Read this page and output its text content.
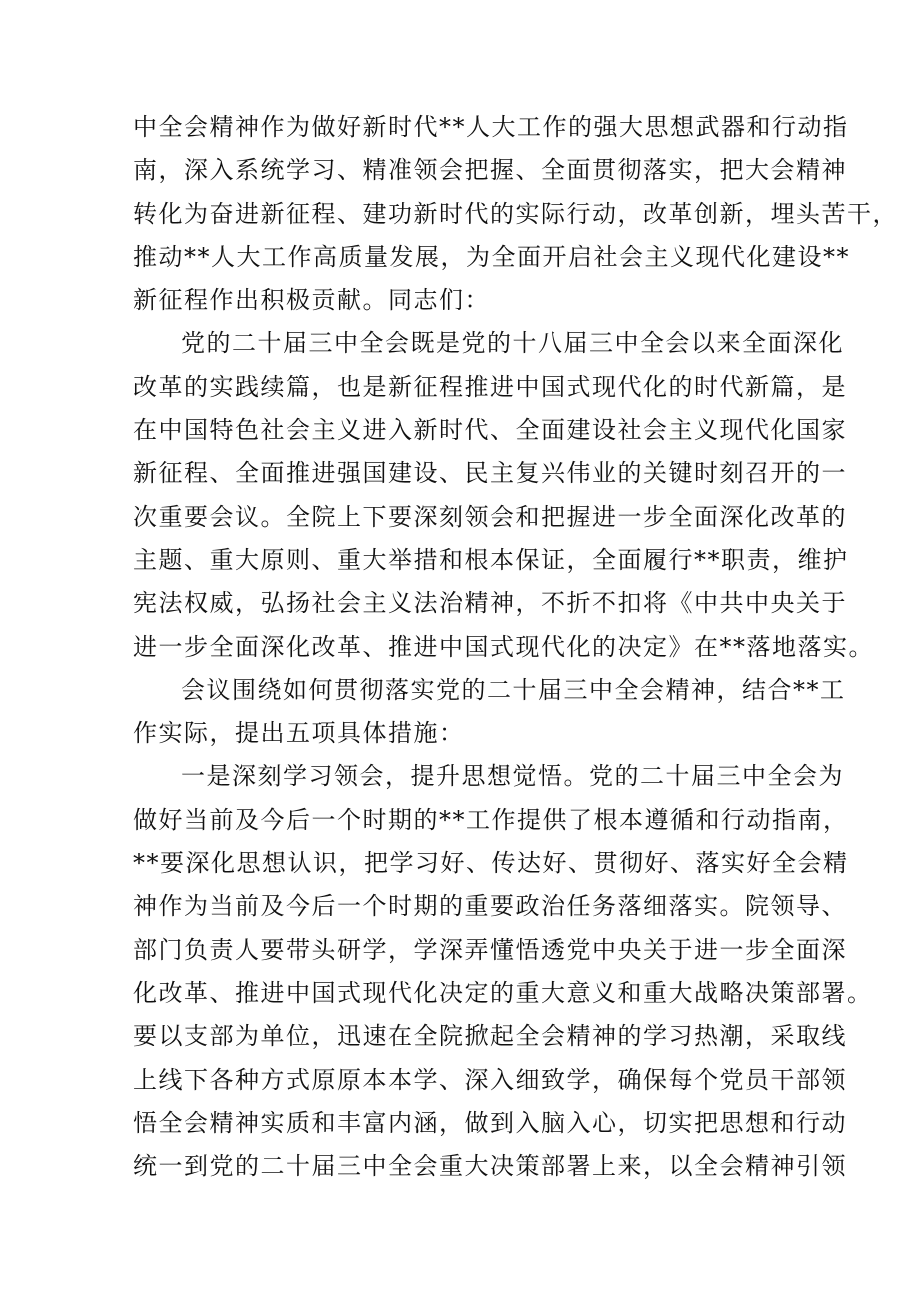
中全会精神作为做好新时代**人大工作的强大思想武器和行动指
南，深入系统学习、精准领会把握、全面贯彻落实，把大会精神
转化为奋进新征程、建功新时代的实际行动，改革创新，埋头苦干，
推动**人大工作高质量发展，为全面开启社会主义现代化建设**
新征程作出积极贡献。同志们：
党的二十届三中全会既是党的十八届三中全会以来全面深化
改革的实践续篇，也是新征程推进中国式现代化的时代新篇，是
在中国特色社会主义进入新时代、全面建设社会主义现代化国家
新征程、全面推进强国建设、民主复兴伟业的关键时刻召开的一
次重要会议。全院上下要深刻领会和把握进一步全面深化改革的
主题、重大原则、重大举措和根本保证，全面履行**职责，维护
宪法权威，弘扬社会主义法治精神，不折不扣将《中共中央关于
进一步全面深化改革、推进中国式现代化的决定》在**落地落实。
会议围绕如何贯彻落实党的二十届三中全会精神，结合**工
作实际，提出五项具体措施：
一是深刻学习领会，提升思想觉悟。党的二十届三中全会为
做好当前及今后一个时期的**工作提供了根本遵循和行动指南，
**要深化思想认识，把学习好、传达好、贯彻好、落实好全会精
神作为当前及今后一个时期的重要政治任务落细落实。院领导、
部门负责人要带头研学，学深弄懂悟透党中央关于进一步全面深
化改革、推进中国式现代化决定的重大意义和重大战略决策部署。
要以支部为单位，迅速在全院掀起全会精神的学习热潮，采取线
上线下各种方式原原本本学、深入细致学，确保每个党员干部领
悟全会精神实质和丰富内涵，做到入脑入心，切实把思想和行动
统一到党的二十届三中全会重大决策部署上来，以全会精神引领
